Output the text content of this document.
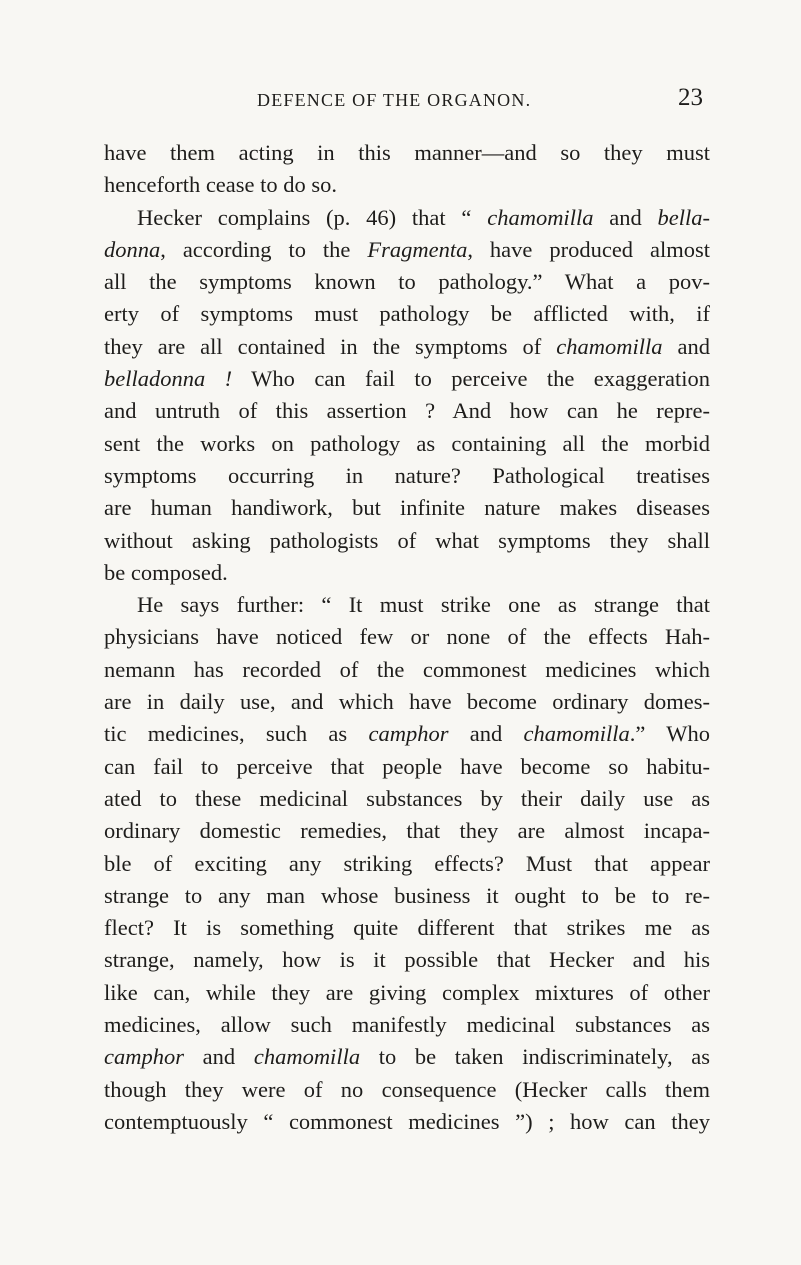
DEFENCE OF THE ORGANON.	23
have them acting in this manner—and so they must
henceforth cease to do so.
Hecker complains (p. 46) that “ chamomilla and bella-
donna, according to the Fragmenta, have produced almost
all the symptoms known to pathology.” What a pov-
erty of symptoms must pathology be afflicted with, if
they are all contained in the symptoms of chamomilla and
belladonna ! Who can fail to perceive the exaggeration
and untruth of this assertion ? And how can he repre-
sent the works on pathology as containing all the morbid
symptoms occurring in nature? Pathological treatises
are human handiwork, but infinite nature makes diseases
without asking pathologists of what symptoms they shall
be composed.
He says further: “ It must strike one as strange that
physicians have noticed few or none of the effects Hah-
nemann has recorded of the commonest medicines which
are in daily use, and which have become ordinary domes-
tic medicines, such as camphor and chamomilla.” Who
can fail to perceive that people have become so habitu-
ated to these medicinal substances by their daily use as
ordinary domestic remedies, that they are almost incapa-
ble of exciting any striking effects? Must that appear
strange to any man whose business it ought to be to re-
flect? It is something quite different that strikes me as
strange, namely, how is it possible that Hecker and his
like can, while they are giving complex mixtures of other
medicines, allow such manifestly medicinal substances as
camphor and chamomilla to be taken indiscriminately, as
though they were of no consequence (Hecker calls them
contemptuously “ commonest medicines ”) ; how can they
